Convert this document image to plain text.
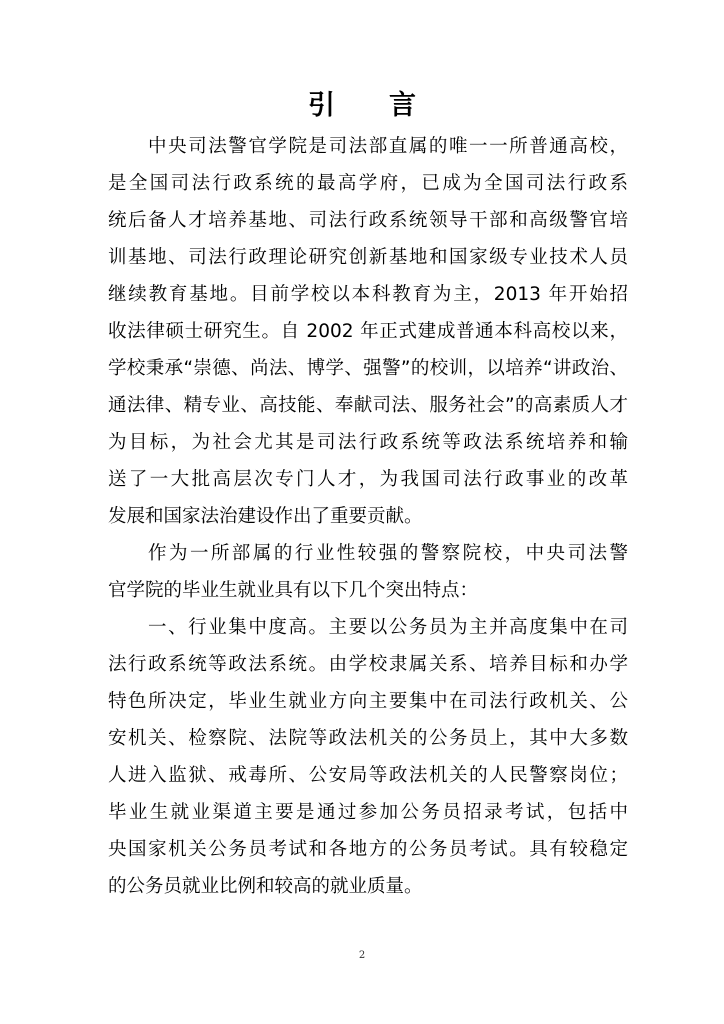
引 言

中央司法警官学院是司法部直属的唯一一所普通高校，

是全国司法行政系统的最高学府，已成为全国司法行政系

统后备人才培养基地、司法行政系统领导干部和高级警官培

训基地、司法行政理论研究创新基地和国家级专业技术人员

继续教育基地。目前学校以本科教育为主，2013 年开始招

收法律硕士研究生。自 2002 年正式建成普通本科高校以来，

学校秉承“崇德、尚法、博学、强警”的校训，以培养“讲政治、

通法律、精专业、高技能、奉献司法、服务社会”的高素质人才

为目标，为社会尤其是司法行政系统等政法系统培养和输

送了一大批高层次专门人才，为我国司法行政事业的改革

发展和国家法治建设作出了重要贡献。

作为一所部属的行业性较强的警察院校，中央司法警

官学院的毕业生就业具有以下几个突出特点：

一、行业集中度高。主要以公务员为主并高度集中在司

法行政系统等政法系统。由学校隶属关系、培养目标和办学

特色所决定，毕业生就业方向主要集中在司法行政机关、公

安机关、检察院、法院等政法机关的公务员上，其中大多数

人进入监狱、戒毒所、公安局等政法机关的人民警察岗位；

毕业生就业渠道主要是通过参加公务员招录考试，包括中

央国家机关公务员考试和各地方的公务员考试。具有较稳定

的公务员就业比例和较高的就业质量。

2
